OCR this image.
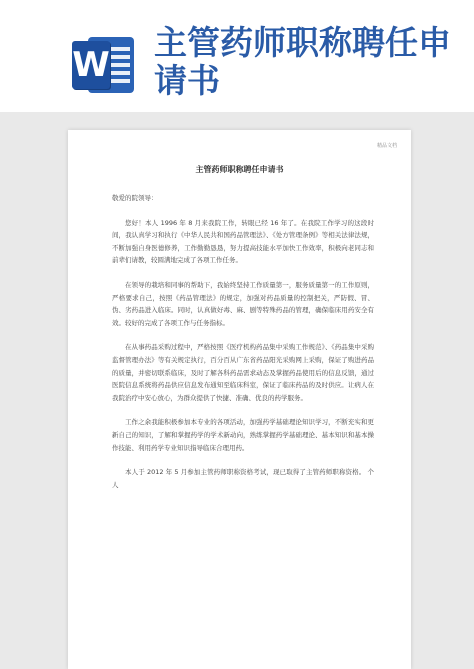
W
主管药师职称聘任申请书
精品文档
主管药师职称聘任申请书

敬爱的院领导：

您好！本人 1996 年 8 月来我院工作，转眼已经 16 年了。在我院工作学习的这段时间，我认真学习和执行《中华人民共和国药品管理法》、《处方管理条例》等相关法律法规，不断加强自身医德修养，工作勤勤恳恳，努力提高技能水平加快工作效率，积极向老同志和前辈们请教，较圆满地完成了各项工作任务。

在领导的栽培和同事的帮助下，我始终坚持工作质量第一，服务质量第一的工作原则，严格要求自己，按照《药品管理法》的规定，加强对药品质量的控制把关，严防假、冒、伪、劣药品进入临床。同时，认真做好毒、麻、剧等特殊药品的管理，确保临床用药安全有效。较好的完成了各项工作与任务指标。

在从事药品采购过程中，严格按照《医疗机构药品集中采购工作规范》、《药品集中采购监督管理办法》等有关规定执行，百分百从广东省药品阳光采购网上采购，保证了购进药品的质量，并密切联系临床，及时了解各科药品需求动态及掌握药品使用后的信息反馈，通过医院信息系统将药品供应信息发布通知至临床科室，保证了临床药品的及时供应。让病人在我院治疗中安心放心，为群众提供了快捷、准确、优良的药学服务。

工作之余我能积极参加本专业的各项活动，加强药学基础理论知识学习，不断充实和更新自己的知识，了解和掌握药学的学术新动向，熟练掌握药学基础理论、基本知识和基本操作技能、利用药学专业知识指导临床合理用药。

本人于 2012 年 5 月参加主管药师职称资格考试，现已取得了主管药师职称资格。 个人
